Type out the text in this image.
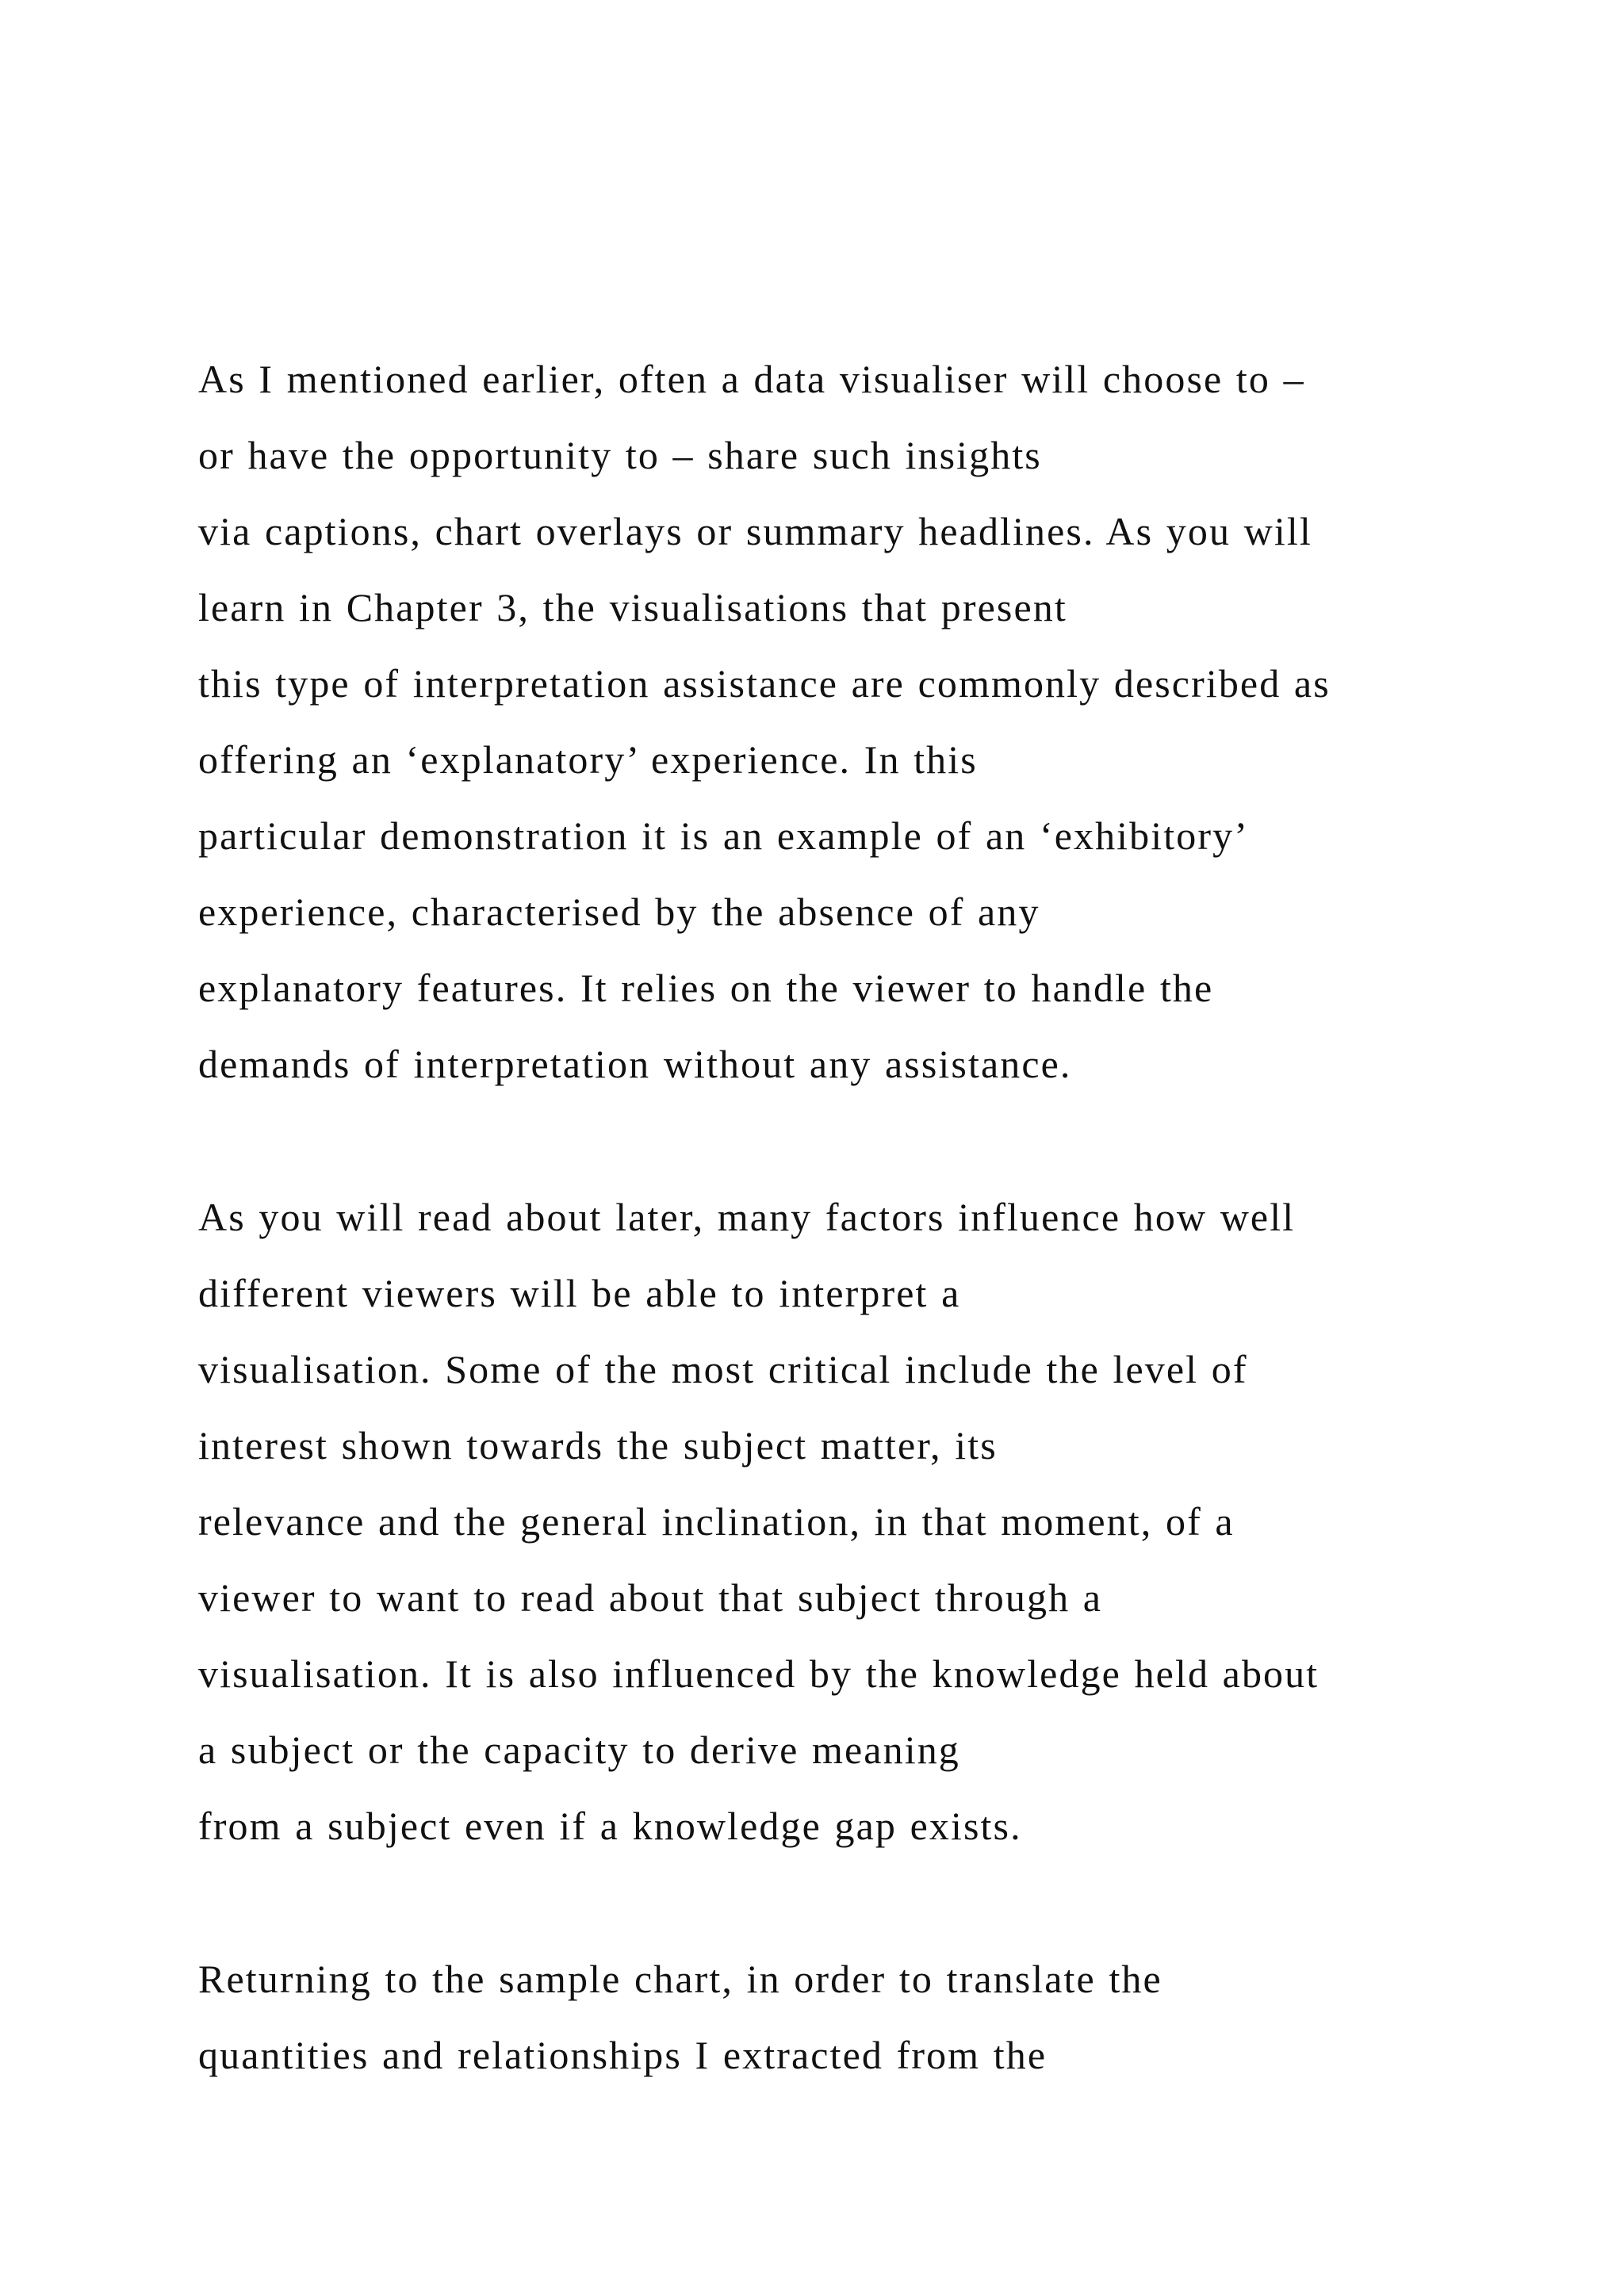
As I mentioned earlier, often a data visualiser will choose to –

or have the opportunity to – share such insights

via captions, chart overlays or summary headlines. As you will

learn in Chapter 3, the visualisations that present

this type of interpretation assistance are commonly described as

offering an ‘explanatory’ experience. In this

particular demonstration it is an example of an ‘exhibitory’

experience, characterised by the absence of any

explanatory features. It relies on the viewer to handle the

demands of interpretation without any assistance.

As you will read about later, many factors influence how well

different viewers will be able to interpret a

visualisation. Some of the most critical include the level of

interest shown towards the subject matter, its

relevance and the general inclination, in that moment, of a

viewer to want to read about that subject through a

visualisation. It is also influenced by the knowledge held about

a subject or the capacity to derive meaning

from a subject even if a knowledge gap exists.

Returning to the sample chart, in order to translate the

quantities and relationships I extracted from the
